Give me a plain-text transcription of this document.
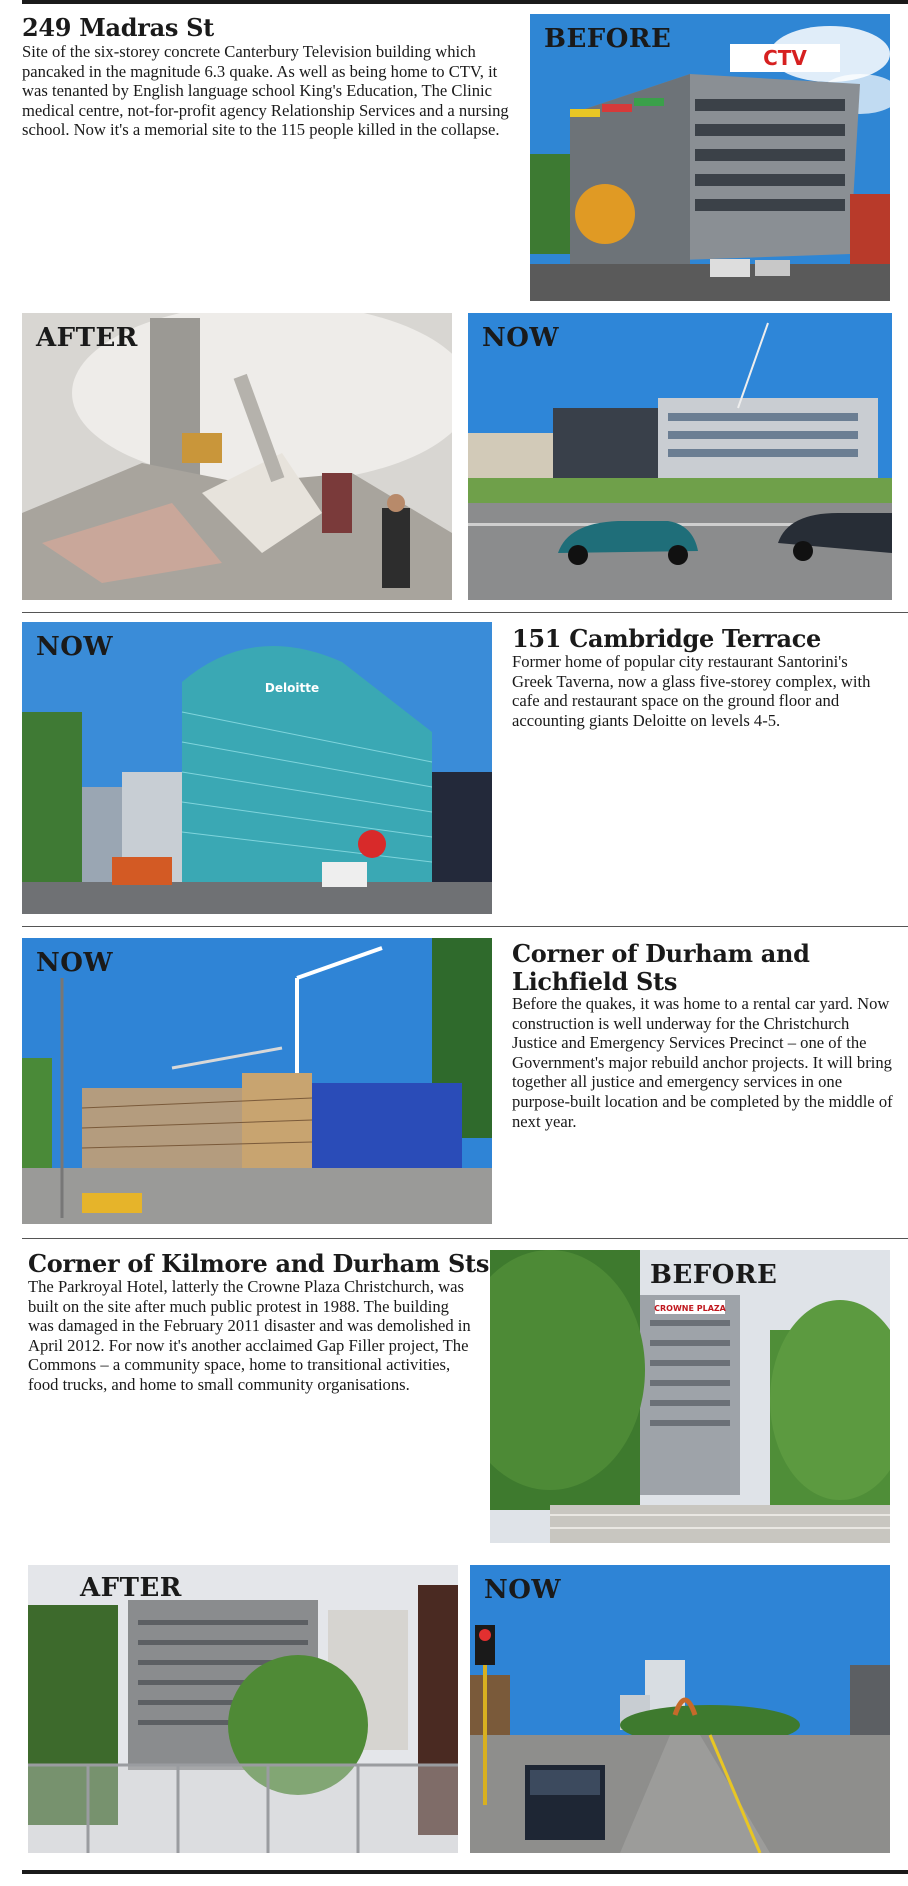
249 Madras St
Site of the six-storey concrete Canterbury Television building which pancaked in the magnitude 6.3 quake. As well as being home to CTV, it was tenanted by English language school King's Education, The Clinic medical centre, not-for-profit agency Relationship Services and a nursing school. Now it's a memorial site to the 115 people killed in the collapse.
CTV
BEFORE
AFTER	NOW
Deloitte
NOW	151 Cambridge Terrace
Former home of popular city restaurant Santorini's Greek Taverna, now a glass five-storey complex, with cafe and restaurant space on the ground floor and accounting giants Deloitte on levels 4-5.
NOW	Corner of Durham and Lichfield Sts
Before the quakes, it was home to a rental car yard. Now construction is well underway for the Christchurch Justice and Emergency Services Precinct – one of the Government's major rebuild anchor projects. It will bring together all justice and emergency services in one purpose-built location and be completed by the middle of next year.
Corner of Kilmore and Durham Sts
The Parkroyal Hotel, latterly the Crowne Plaza Christchurch, was built on the site after much public protest in 1988. The building was damaged in the February 2011 disaster and was demolished in April 2012. For now it's another acclaimed Gap Filler project, The Commons – a community space, home to transitional activities, food trucks, and home to small community organisations.
CROWNE PLAZA
BEFORE
AFTER	NOW
